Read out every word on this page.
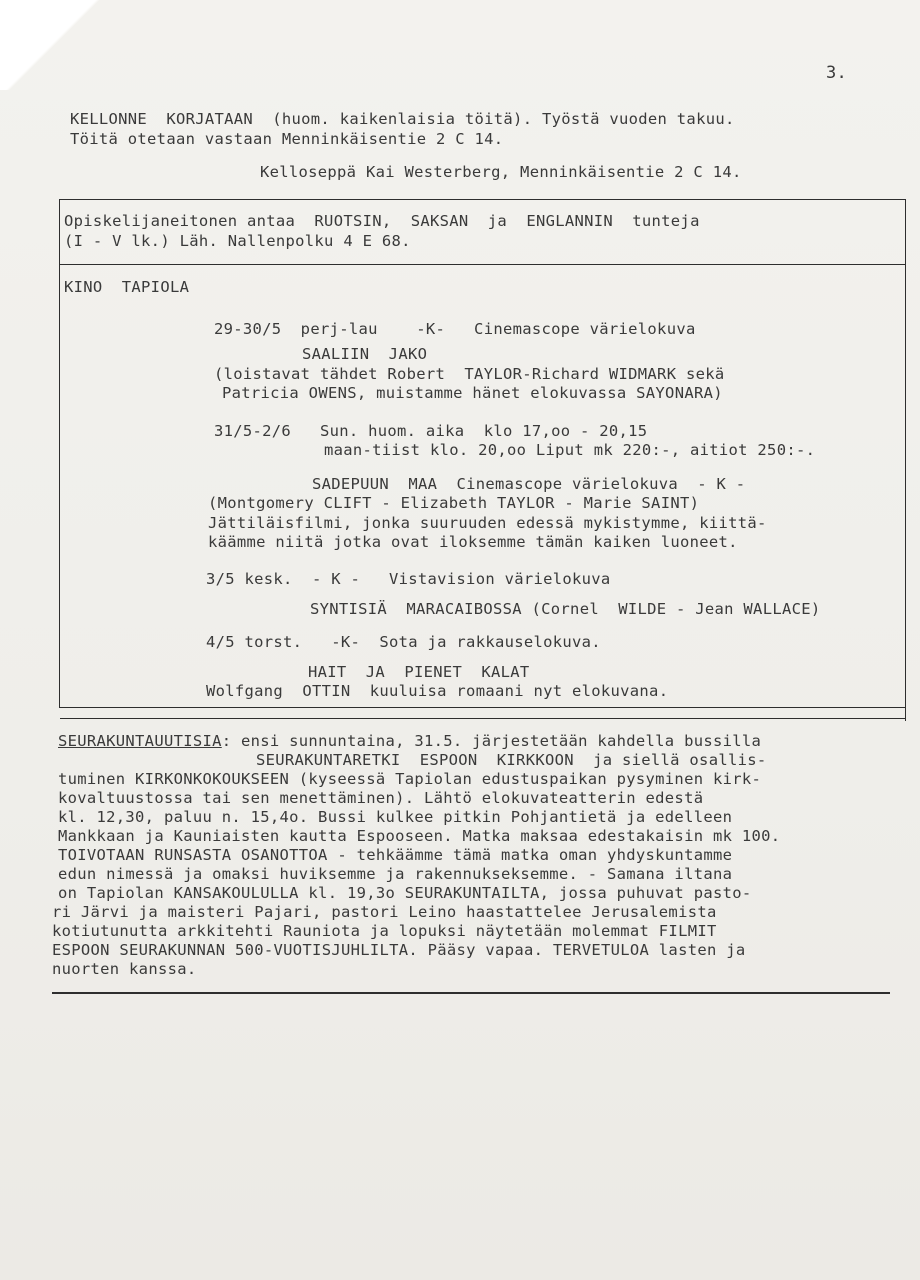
3.
KELLONNE  KORJATAAN  (huom. kaikenlaisia töitä). Työstä vuoden takuu.
Töitä otetaan vastaan Menninkäisentie 2 C 14.
Kelloseppä Kai Westerberg, Menninkäisentie 2 C 14.
Opiskelijaneitonen antaa  RUOTSIN,  SAKSAN  ja  ENGLANNIN  tunteja
(I - V lk.) Läh. Nallenpolku 4 E 68.
KINO  TAPIOLA
29-30/5  perj-lau    -K-   Cinemascope värielokuva
SAALIIN  JAKO
(loistavat tähdet Robert  TAYLOR-Richard WIDMARK sekä
Patricia OWENS, muistamme hänet elokuvassa SAYONARA)
31/5-2/6   Sun. huom. aika  klo 17,oo - 20,15
maan-tiist klo. 20,oo Liput mk 220:-, aitiot 250:-.
SADEPUUN  MAA  Cinemascope värielokuva  - K -
(Montgomery CLIFT - Elizabeth TAYLOR - Marie SAINT)
Jättiläisfilmi, jonka suuruuden edessä mykistymme, kiittä-
käämme niitä jotka ovat iloksemme tämän kaiken luoneet.
3/5 kesk.  - K -   Vistavision värielokuva
SYNTISIÄ  MARACAIBOSSA (Cornel  WILDE - Jean WALLACE)
4/5 torst.   -K-  Sota ja rakkauselokuva.
HAIT  JA  PIENET  KALAT
Wolfgang  OTTIN  kuuluisa romaani nyt elokuvana.
SEURAKUNTAUUTISIA: ensi sunnuntaina, 31.5. järjestetään kahdella bussilla
SEURAKUNTARETKI  ESPOON  KIRKKOON  ja siellä osallis-
tuminen KIRKONKOKOUKSEEN (kyseessä Tapiolan edustuspaikan pysyminen kirk-
kovaltuustossa tai sen menettäminen). Lähtö elokuvateatterin edestä
kl. 12,30, paluu n. 15,4o. Bussi kulkee pitkin Pohjantietä ja edelleen
Mankkaan ja Kauniaisten kautta Espooseen. Matka maksaa edestakaisin mk 100.
TOIVOTAAN RUNSASTA OSANOTTOA - tehkäämme tämä matka oman yhdyskuntamme
edun nimessä ja omaksi huviksemme ja rakennukseksemme. - Samana iltana
on Tapiolan KANSAKOULULLA kl. 19,3o SEURAKUNTAILTA, jossa puhuvat pasto-
ri Järvi ja maisteri Pajari, pastori Leino haastattelee Jerusalemista
kotiutunutta arkkitehti Rauniota ja lopuksi näytetään molemmat FILMIT
ESPOON SEURAKUNNAN 500-VUOTISJUHLILTA. Pääsy vapaa. TERVETULOA lasten ja
nuorten kanssa.
